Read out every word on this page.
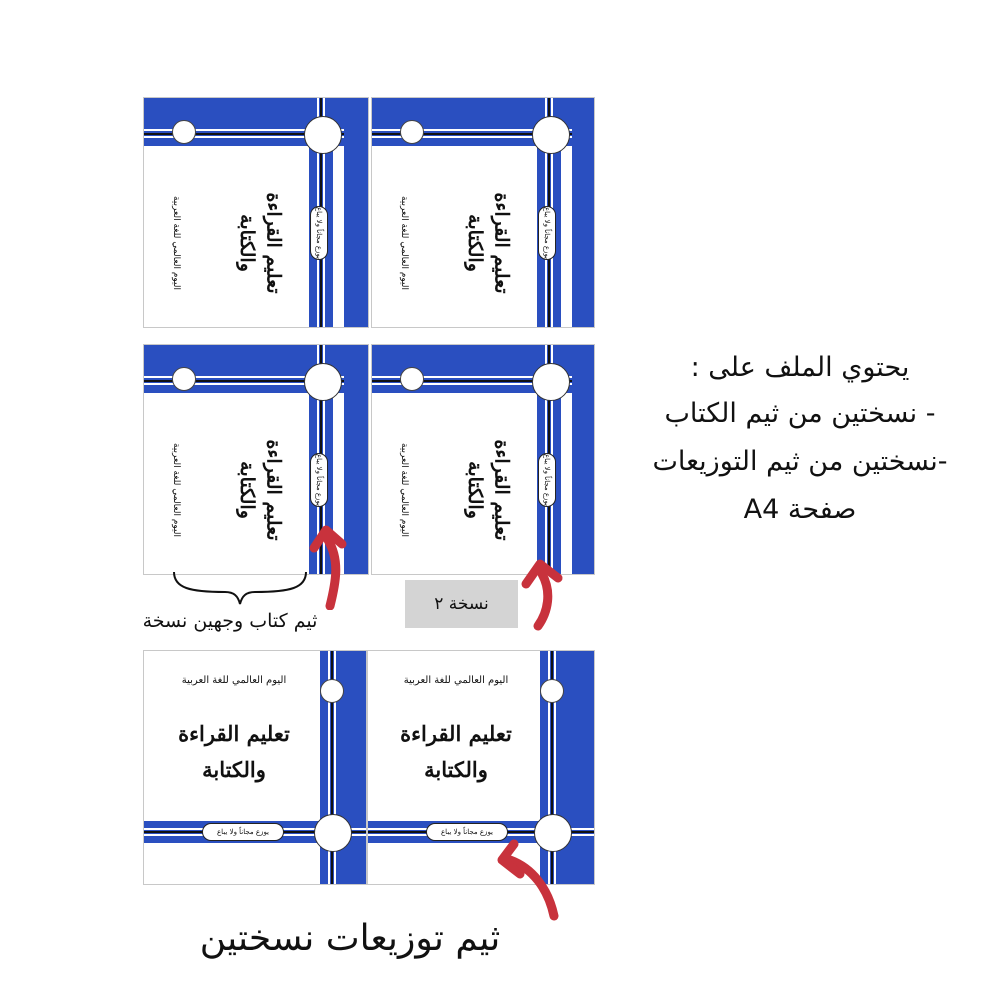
تعليم القراءة
والكتابة
اليوم العالمي للغة العربية	يوزع مجاناً ولا يباع	تعليم القراءة
والكتابة
اليوم العالمي للغة العربية	يوزع مجاناً ولا يباع
تعليم القراءة
والكتابة
اليوم العالمي للغة العربية	يوزع مجاناً ولا يباع	تعليم القراءة
والكتابة
اليوم العالمي للغة العربية	يوزع مجاناً ولا يباع
اليوم العالمي للغة العربية
تعليم القراءة
والكتابة
يوزع مجاناً ولا يباع
اليوم العالمي للغة العربية
تعليم القراءة
والكتابة
يوزع مجاناً ولا يباع
يحتوي الملف على :
- نسختين من ثيم الكتاب
-نسختين من ثيم التوزيعات
صفحة A4
نسخة ٢
ثيم كتاب وجهين نسخة
ثيم توزيعات نسختين
